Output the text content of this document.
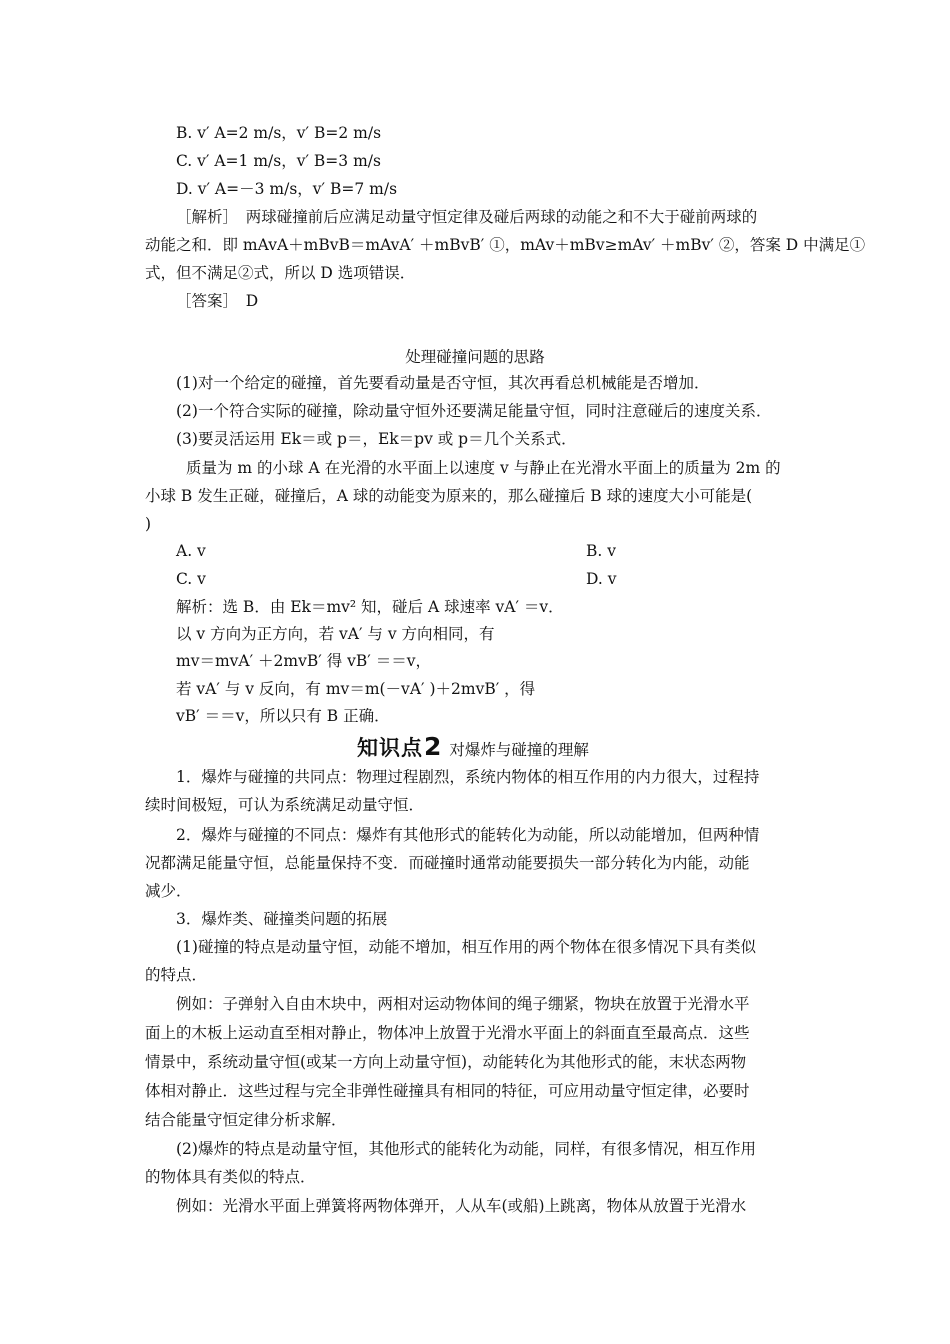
B. v′ A=2 m/s，v′ B=2 m/s
C. v′ A=1 m/s，v′ B=3 m/s
D. v′ A=－3 m/s，v′ B=7 m/s
［解析］　两球碰撞前后应满足动量守恒定律及碰后两球的动能之和不大于碰前两球的
动能之和．即 mAvA＋mBvB＝mAvA′ ＋mBvB′ ①，mAv＋mBv≥mAv′ ＋mBv′ ②，答案 D 中满足①
式，但不满足②式，所以 D 选项错误．
［答案］　D
处理碰撞问题的思路
(1)对一个给定的碰撞，首先要看动量是否守恒，其次再看总机械能是否增加．
(2)一个符合实际的碰撞，除动量守恒外还要满足能量守恒，同时注意碰后的速度关系．
(3)要灵活运用 Ek＝或 p＝，Ek＝pv 或 p＝几个关系式．
质量为 m 的小球 A 在光滑的水平面上以速度 v 与静止在光滑水平面上的质量为 2m 的
小球 B 发生正碰，碰撞后，A 球的动能变为原来的，那么碰撞后 B 球的速度大小可能是(
)
A. v	B. v
C. v	D. v
解析：选 B．由 Ek＝mv² 知，碰后 A 球速率 vA′ ＝v．
以 v 方向为正方向，若 vA′ 与 v 方向相同，有
mv＝mvA′ ＋2mvB′ 得 vB′ ＝＝v，
若 vA′ 与 v 反向，有 mv＝m(－vA′ )＋2mvB′ ，得
vB′ ＝＝v，所以只有 B 正确．
知识点2 对爆炸与碰撞的理解
1．爆炸与碰撞的共同点：物理过程剧烈，系统内物体的相互作用的内力很大，过程持
续时间极短，可认为系统满足动量守恒．
2．爆炸与碰撞的不同点：爆炸有其他形式的能转化为动能，所以动能增加，但两种情
况都满足能量守恒，总能量保持不变．而碰撞时通常动能要损失一部分转化为内能，动能
减少．
3．爆炸类、碰撞类问题的拓展
(1)碰撞的特点是动量守恒，动能不增加，相互作用的两个物体在很多情况下具有类似
的特点．
例如：子弹射入自由木块中，两相对运动物体间的绳子绷紧，物块在放置于光滑水平
面上的木板上运动直至相对静止，物体冲上放置于光滑水平面上的斜面直至最高点．这些
情景中，系统动量守恒(或某一方向上动量守恒)，动能转化为其他形式的能，末状态两物
体相对静止．这些过程与完全非弹性碰撞具有相同的特征，可应用动量守恒定律，必要时
结合能量守恒定律分析求解．
(2)爆炸的特点是动量守恒，其他形式的能转化为动能，同样，有很多情况，相互作用
的物体具有类似的特点．
例如：光滑水平面上弹簧将两物体弹开，人从车(或船)上跳离，物体从放置于光滑水
